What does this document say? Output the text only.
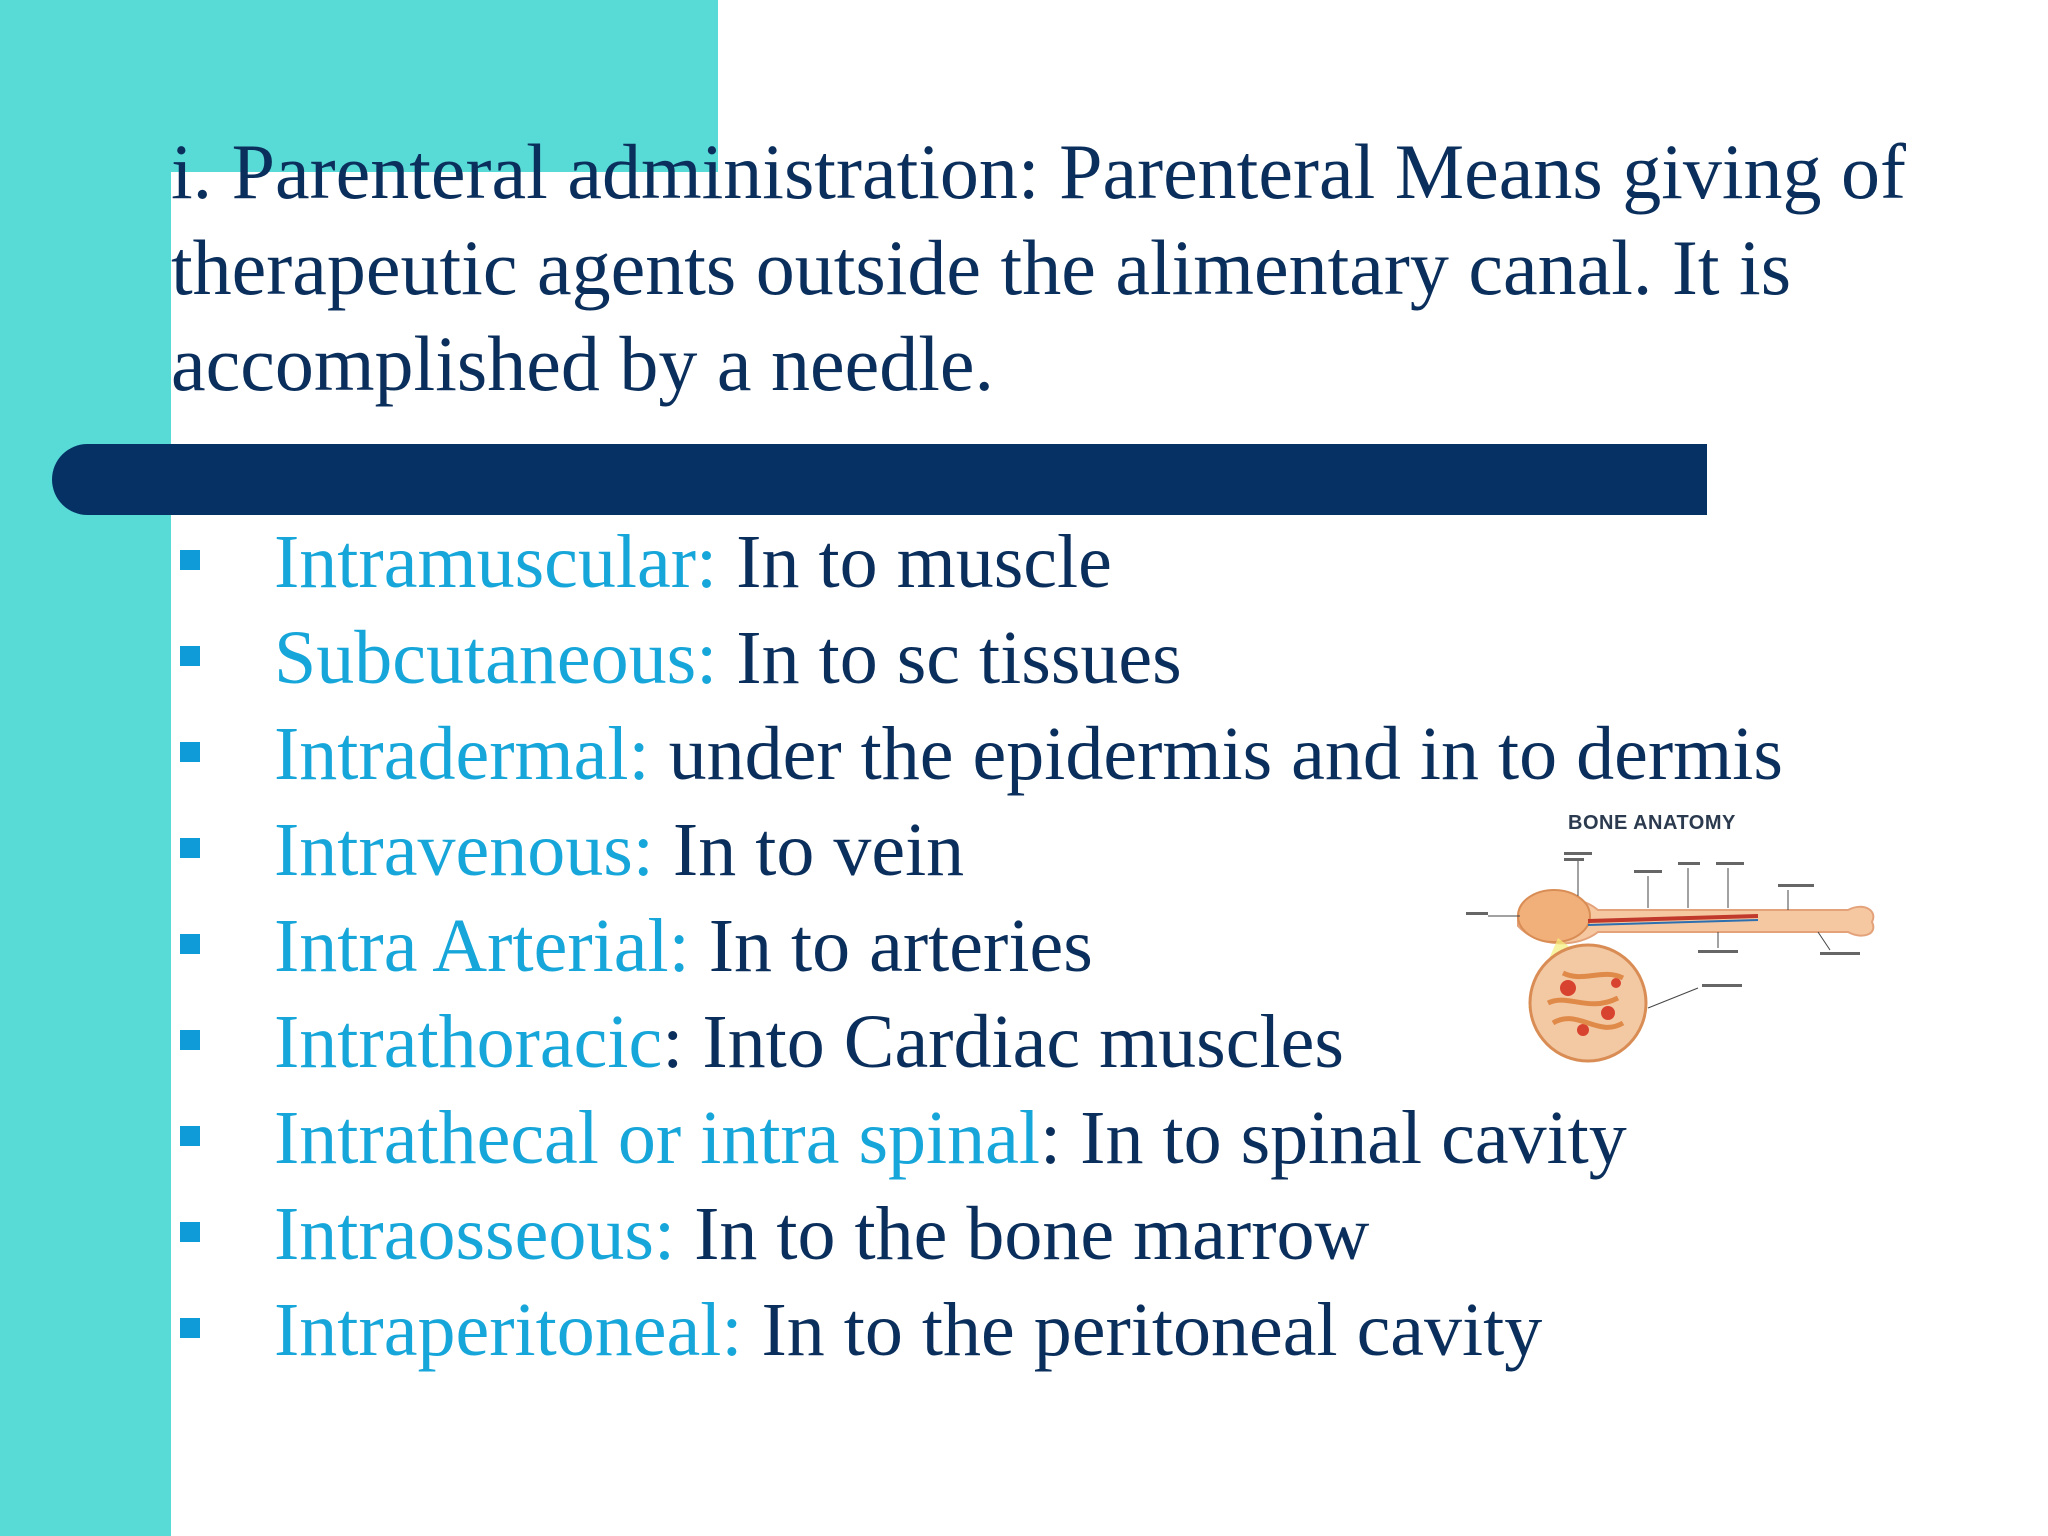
i. Parenteral administration: Parenteral Means giving of therapeutic agents outside the alimentary canal. It is accomplished by a needle.
Intramuscular: In to muscle
Subcutaneous: In to sc tissues
Intradermal: under the epidermis and in to dermis
Intravenous: In to vein
Intra Arterial: In to arteries
Intrathoracic: Into Cardiac muscles
Intrathecal or intra spinal: In to spinal cavity
Intraosseous: In to the bone marrow
Intraperitoneal: In to the peritoneal cavity
BONE ANATOMY
